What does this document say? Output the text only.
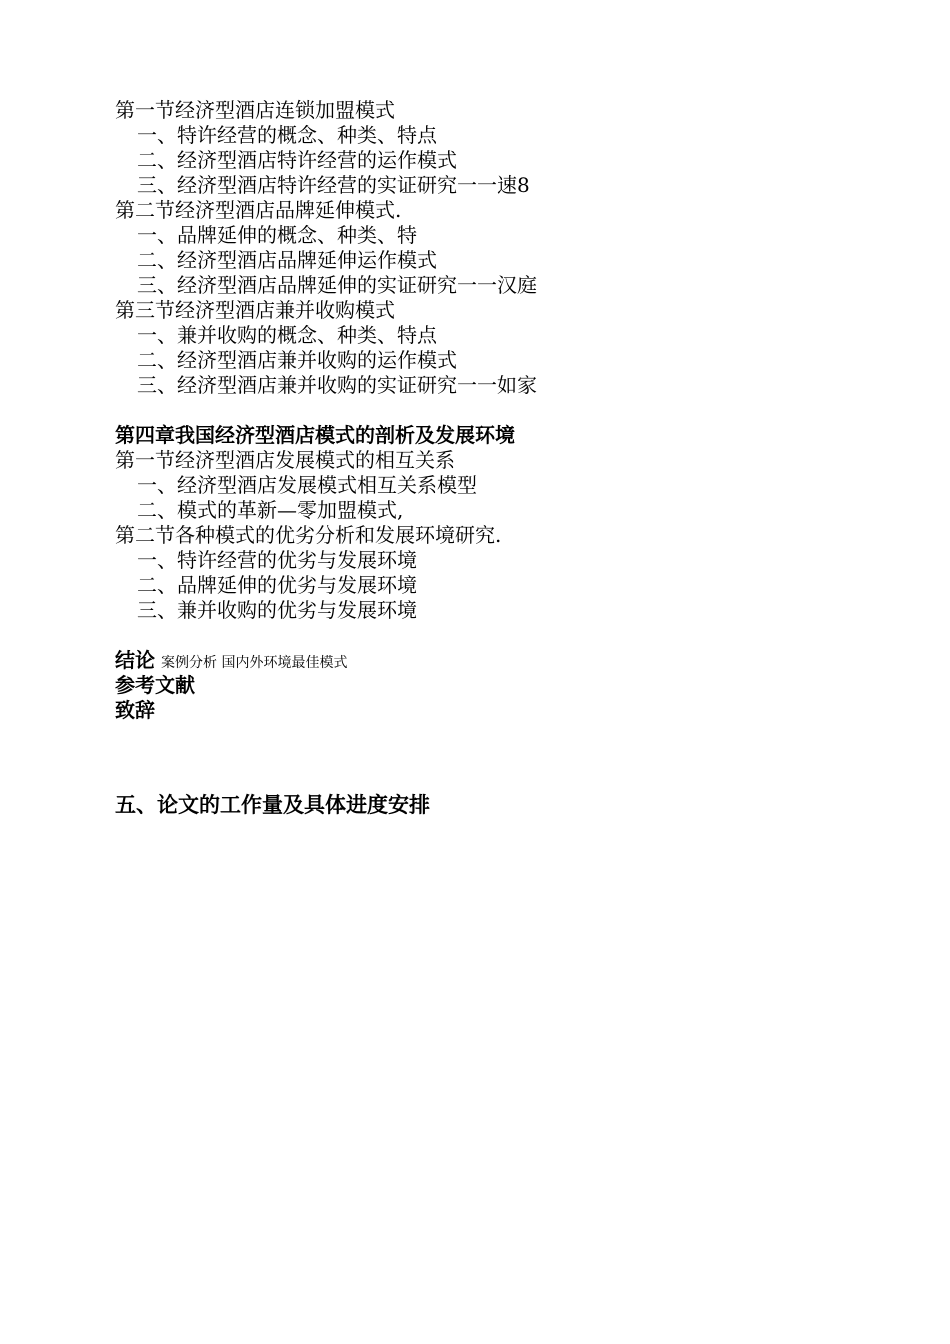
第一节经济型酒店连锁加盟模式
一、特许经营的概念、种类、特点
二、经济型酒店特许经营的运作模式
三、经济型酒店特许经营的实证研究一一速8
第二节经济型酒店品牌延伸模式.
一、品牌延伸的概念、种类、特
二、经济型酒店品牌延伸运作模式
三、经济型酒店品牌延伸的实证研究一一汉庭
第三节经济型酒店兼并收购模式
一、兼并收购的概念、种类、特点
二、经济型酒店兼并收购的运作模式
三、经济型酒店兼并收购的实证研究一一如家
第四章我国经济型酒店模式的剖析及发展环境
第一节经济型酒店发展模式的相互关系
一、经济型酒店发展模式相互关系模型
二、模式的革新—零加盟模式,
第二节各种模式的优劣分析和发展环境研究.
一、特许经营的优劣与发展环境
二、品牌延伸的优劣与发展环境
三、兼并收购的优劣与发展环境
结论 案例分析 国内外环境最佳模式
参考文献
致辞
五、论文的工作量及具体进度安排
